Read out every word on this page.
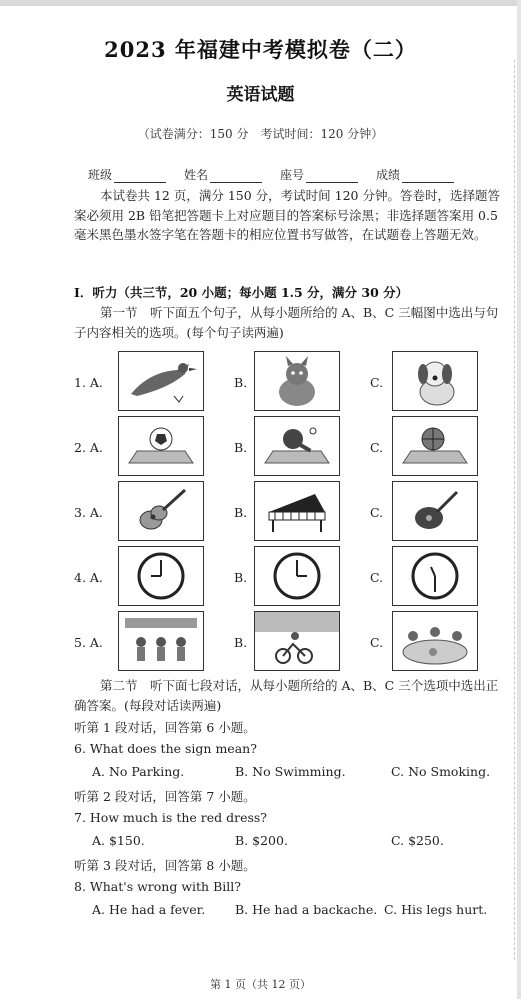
2023 年福建中考模拟卷（二）
英语试题
（试卷满分：150 分　考试时间：120 分钟）
班级	姓名	座号	成绩
本试卷共 12 页，满分 150 分，考试时间 120 分钟。答卷时，选择题答案必须用 2B 铅笔把答题卡上对应题目的答案标号涂黑；非选择题答案用 0.5 毫米黑色墨水签字笔在答题卡的相应位置书写做答，在试题卷上答题无效。
Ⅰ．听力（共三节，20 小题；每小题 1.5 分，满分 30 分）
第一节　听下面五个句子，从每小题所给的 A、B、C 三幅图中选出与句子内容相关的选项。(每个句子读两遍)
1. A.	B.	C.
2. A.	B.	C.
3. A.	B.	C.
4. A.	B.	C.
5. A.	B.	C.
第二节　听下面七段对话，从每小题所给的 A、B、C 三个选项中选出正确答案。(每段对话读两遍)
听第 1 段对话，回答第 6 小题。
6. What does the sign mean?
A. No Parking.	B. No Swimming.	C. No Smoking.
听第 2 段对话，回答第 7 小题。
7. How much is the red dress?
A. $150.	B. $200.	C. $250.
听第 3 段对话，回答第 8 小题。
8. What's wrong with Bill?
A. He had a fever. B. He had a backache. C. His legs hurt.
第 1 页（共 12 页）
